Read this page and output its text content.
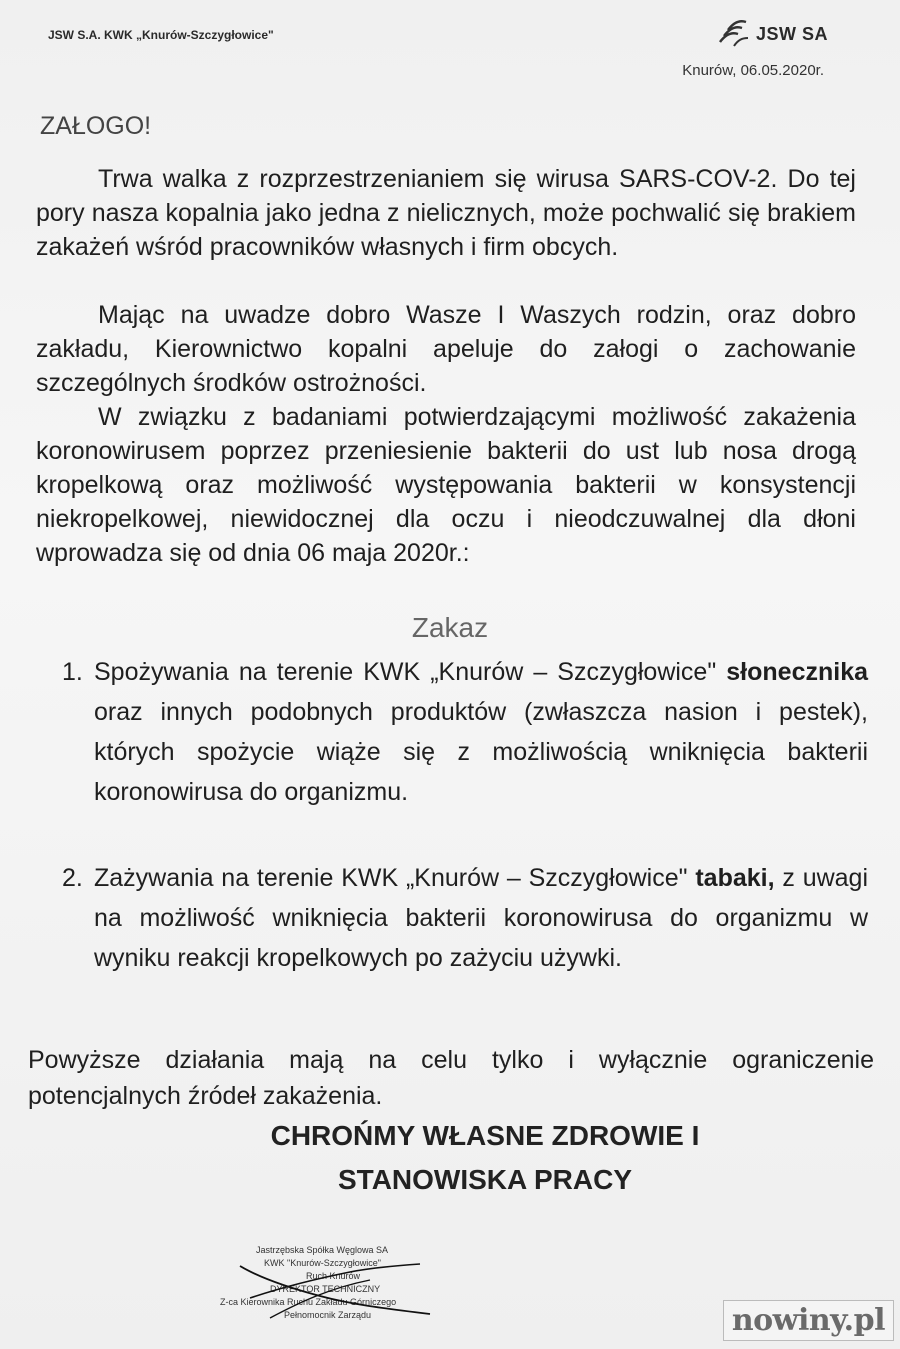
JSW S.A. KWK „Knurów-Szczygłowice"	JSW SA
Knurów, 06.05.2020r.
ZAŁOGO!
Trwa walka z rozprzestrzenianiem się wirusa SARS-COV-2. Do tej pory nasza kopalnia jako jedna z nielicznych, może pochwalić się brakiem zakażeń wśród pracowników własnych i firm obcych.
Mając na uwadze dobro Wasze I Waszych rodzin, oraz dobro zakładu, Kierownictwo kopalni apeluje do załogi o zachowanie szczególnych środków ostrożności.
W związku z badaniami potwierdzającymi możliwość zakażenia koronowirusem poprzez przeniesienie bakterii do ust lub nosa drogą kropelkową oraz możliwość występowania bakterii w konsystencji niekropelkowej, niewidocznej dla oczu i nieodczuwalnej dla dłoni wprowadza się od dnia 06 maja 2020r.:
Zakaz
1. Spożywania na terenie KWK „Knurów – Szczygłowice" słonecznika oraz innych podobnych produktów (zwłaszcza nasion i pestek), których spożycie wiąże się z możliwością wniknięcia bakterii koronowirusa do organizmu.
2. Zażywania na terenie KWK „Knurów – Szczygłowice" tabaki, z uwagi na możliwość wniknięcia bakterii koronowirusa do organizmu w wyniku reakcji kropelkowych po zażyciu używki.
Powyższe działania mają na celu tylko i wyłącznie ograniczenie potencjalnych źródeł zakażenia.
CHROŃMY WŁASNE ZDROWIE I
STANOWISKA PRACY
Jastrzębska Spółka Węglowa SA
KWK "Knurów-Szczygłowice"
Ruch Knurów
DYREKTOR TECHNICZNY
Z-ca Kierownika Ruchu Zakładu Górniczego
Pełnomocnik Zarządu	nowiny.pl
